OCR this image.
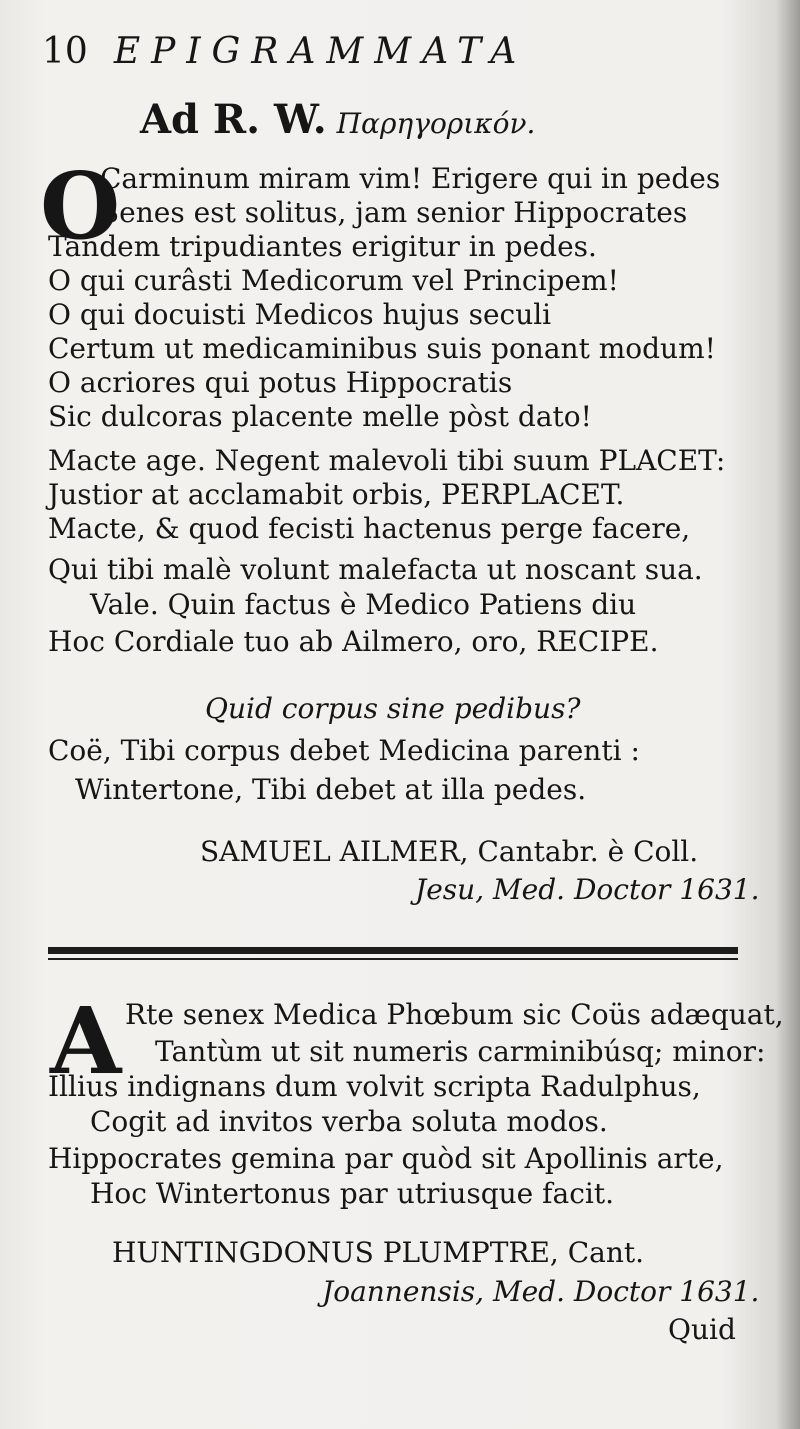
10 EPIGRAMMATA
Ad R. W. Παρηγορικόν.
O
Carminum miram vim! Erigere qui in pedes
Senes est solitus, jam senior Hippocrates
Tandem tripudiantes erigitur in pedes.
O qui curâsti Medicorum vel Principem!
O qui docuisti Medicos hujus seculi
Certum ut medicaminibus suis ponant modum!
O acriores qui potus Hippocratis
Sic dulcoras placente melle pòst dato!
Macte age. Negent malevoli tibi suum PLACET:
Justior at acclamabit orbis, PERPLACET.
Macte, & quod fecisti hactenus perge facere,
Qui tibi malè volunt malefacta ut noscant sua.
Vale. Quin factus è Medico Patiens diu
Hoc Cordiale tuo ab Ailmero, oro, RECIPE.
Quid corpus sine pedibus?
Coë, Tibi corpus debet Medicina parenti :
Wintertone, Tibi debet at illa pedes.
SAMUEL AILMER, Cantabr. è Coll.
Jesu, Med. Doctor 1631.
A Rte senex Medica Phœbum sic Coüs adæquat,
Tantùm ut sit numeris carminibúsq; minor:
Illius indignans dum volvit scripta Radulphus,
Cogit ad invitos verba soluta modos.
Hippocrates gemina par quòd sit Apollinis arte,
Hoc Wintertonus par utriusque facit.
HUNTINGDONUS PLUMPTRE, Cant.
Joannensis, Med. Doctor 1631.
Quid
